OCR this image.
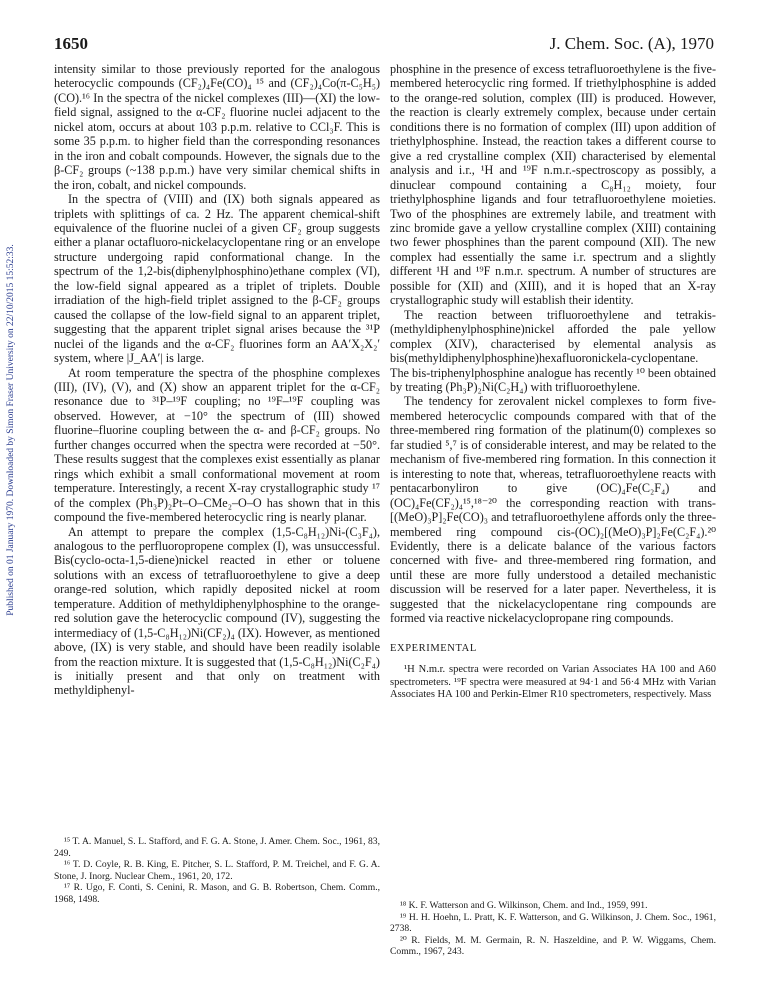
1650	J. Chem. Soc. (A), 1970
Published on 01 January 1970. Downloaded by Simon Fraser University on 22/10/2015 15:52:33.

intensity similar to those previously reported for the analogous heterocyclic compounds (CF₂)₄Fe(CO)₄ ¹⁵ and (CF₂)₄Co(π-C₅H₅)(CO).¹⁶ In the spectra of the nickel complexes (III)—(XI) the low-field signal, assigned to the α-CF₂ fluorine nuclei adjacent to the nickel atom, occurs at about 103 p.p.m. relative to CCl₃F. This is some 35 p.p.m. to higher field than the corresponding resonances in the iron and cobalt compounds. However, the signals due to the β-CF₂ groups (~138 p.p.m.) have very similar chemical shifts in the iron, cobalt, and nickel compounds.

In the spectra of (VIII) and (IX) both signals appeared as triplets with splittings of ca. 2 Hz. The apparent chemical-shift equivalence of the fluorine nuclei of a given CF₂ group suggests either a planar octafluoro-nickelacyclopentane ring or an envelope structure undergoing rapid conformational change. In the spectrum of the 1,2-bis(diphenylphosphino)ethane complex (VI), the low-field signal appeared as a triplet of triplets. Double irradiation of the high-field triplet assigned to the β-CF₂ groups caused the collapse of the low-field signal to an apparent triplet, suggesting that the apparent triplet signal arises because the ³¹P nuclei of the ligands and the α-CF₂ fluorines form an AA′X₂X₂′ system, where |J_AA′| is large.

At room temperature the spectra of the phosphine complexes (III), (IV), (V), and (X) show an apparent triplet for the α-CF₂ resonance due to ³¹P–¹⁹F coupling; no ¹⁹F–¹⁹F coupling was observed. However, at −10° the spectrum of (III) showed fluorine–fluorine coupling between the α- and β-CF₂ groups. No further changes occurred when the spectra were recorded at −50°. These results suggest that the complexes exist essentially as planar rings which exhibit a small conformational movement at room temperature. Interestingly, a recent X-ray crystallographic study ¹⁷ of the complex (Ph₃P)₂Pt–O–CMe₂–O–O has shown that in this compound the five-membered heterocyclic ring is nearly planar.

An attempt to prepare the complex (1,5-C₈H₁₂)Ni-(C₃F₄), analogous to the perfluoropropene complex (I), was unsuccessful. Bis(cyclo-octa-1,5-diene)nickel reacted in ether or toluene solutions with an excess of tetrafluoroethylene to give a deep orange-red solution, which rapidly deposited nickel at room temperature. Addition of methyldiphenylphosphine to the orange-red solution gave the heterocyclic compound (IV), suggesting the intermediacy of (1,5-C₈H₁₂)Ni(CF₂)₄ (IX). However, as mentioned above, (IX) is very stable, and should have been readily isolable from the reaction mixture. It is suggested that (1,5-C₈H₁₂)Ni(C₂F₄) is initially present and that only on treatment with methyldiphenyl-

phosphine in the presence of excess tetrafluoroethylene is the five-membered heterocyclic ring formed. If triethylphosphine is added to the orange-red solution, complex (III) is produced. However, the reaction is clearly extremely complex, because under certain conditions there is no formation of complex (III) upon addition of triethylphosphine. Instead, the reaction takes a different course to give a red crystalline complex (XII) characterised by elemental analysis and i.r., ¹H and ¹⁹F n.m.r.-spectroscopy as possibly, a dinuclear compound containing a C₈H₁₂ moiety, four triethylphosphine ligands and four tetrafluoroethylene moieties. Two of the phosphines are extremely labile, and treatment with zinc bromide gave a yellow crystalline complex (XIII) containing two fewer phosphines than the parent compound (XII). The new complex had essentially the same i.r. spectrum and a slightly different ¹H and ¹⁹F n.m.r. spectrum. A number of structures are possible for (XII) and (XIII), and it is hoped that an X-ray crystallographic study will establish their identity.

The reaction between trifluoroethylene and tetrakis-(methyldiphenylphosphine)nickel afforded the pale yellow complex (XIV), characterised by elemental analysis as bis(methyldiphenylphosphine)hexafluoronickela-cyclopentane. The bis-triphenylphosphine analogue has recently ¹⁰ been obtained by treating (Ph₃P)₂Ni(C₂H₄) with trifluoroethylene.

The tendency for zerovalent nickel complexes to form five-membered heterocyclic compounds compared with that of the three-membered ring formation of the platinum(0) complexes so far studied ⁵,⁷ is of considerable interest, and may be related to the mechanism of five-membered ring formation. In this connection it is interesting to note that, whereas, tetrafluoroethylene reacts with pentacarbonyliron to give (OC)₄Fe(C₂F₄) and (OC)₄Fe(CF₂)₄¹⁵,¹⁸⁻²⁰ the corresponding reaction with trans-[(MeO)₃P]₂Fe(CO)₃ and tetrafluoroethylene affords only the three-membered ring compound cis-(OC)₂[(MeO)₃P]₂Fe(C₂F₄).²⁰ Evidently, there is a delicate balance of the various factors concerned with five- and three-membered ring formation, and until these are more fully understood a detailed mechanistic discussion will be reserved for a later paper. Nevertheless, it is suggested that the nickelacyclopentane ring compounds are formed via reactive nickelacyclopropane ring compounds.

EXPERIMENTAL

¹H N.m.r. spectra were recorded on Varian Associates HA 100 and A60 spectrometers. ¹⁹F spectra were measured at 94·1 and 56·4 MHz with Varian Associates HA 100 and Perkin-Elmer R10 spectrometers, respectively. Mass

¹⁵ T. A. Manuel, S. L. Stafford, and F. G. A. Stone, J. Amer. Chem. Soc., 1961, 83, 249.

¹⁶ T. D. Coyle, R. B. King, E. Pitcher, S. L. Stafford, P. M. Treichel, and F. G. A. Stone, J. Inorg. Nuclear Chem., 1961, 20, 172.

¹⁷ R. Ugo, F. Conti, S. Cenini, R. Mason, and G. B. Robertson, Chem. Comm., 1968, 1498.

¹⁸ K. F. Watterson and G. Wilkinson, Chem. and Ind., 1959, 991.

¹⁹ H. H. Hoehn, L. Pratt, K. F. Watterson, and G. Wilkinson, J. Chem. Soc., 1961, 2738.

²⁰ R. Fields, M. M. Germain, R. N. Haszeldine, and P. W. Wiggams, Chem. Comm., 1967, 243.
